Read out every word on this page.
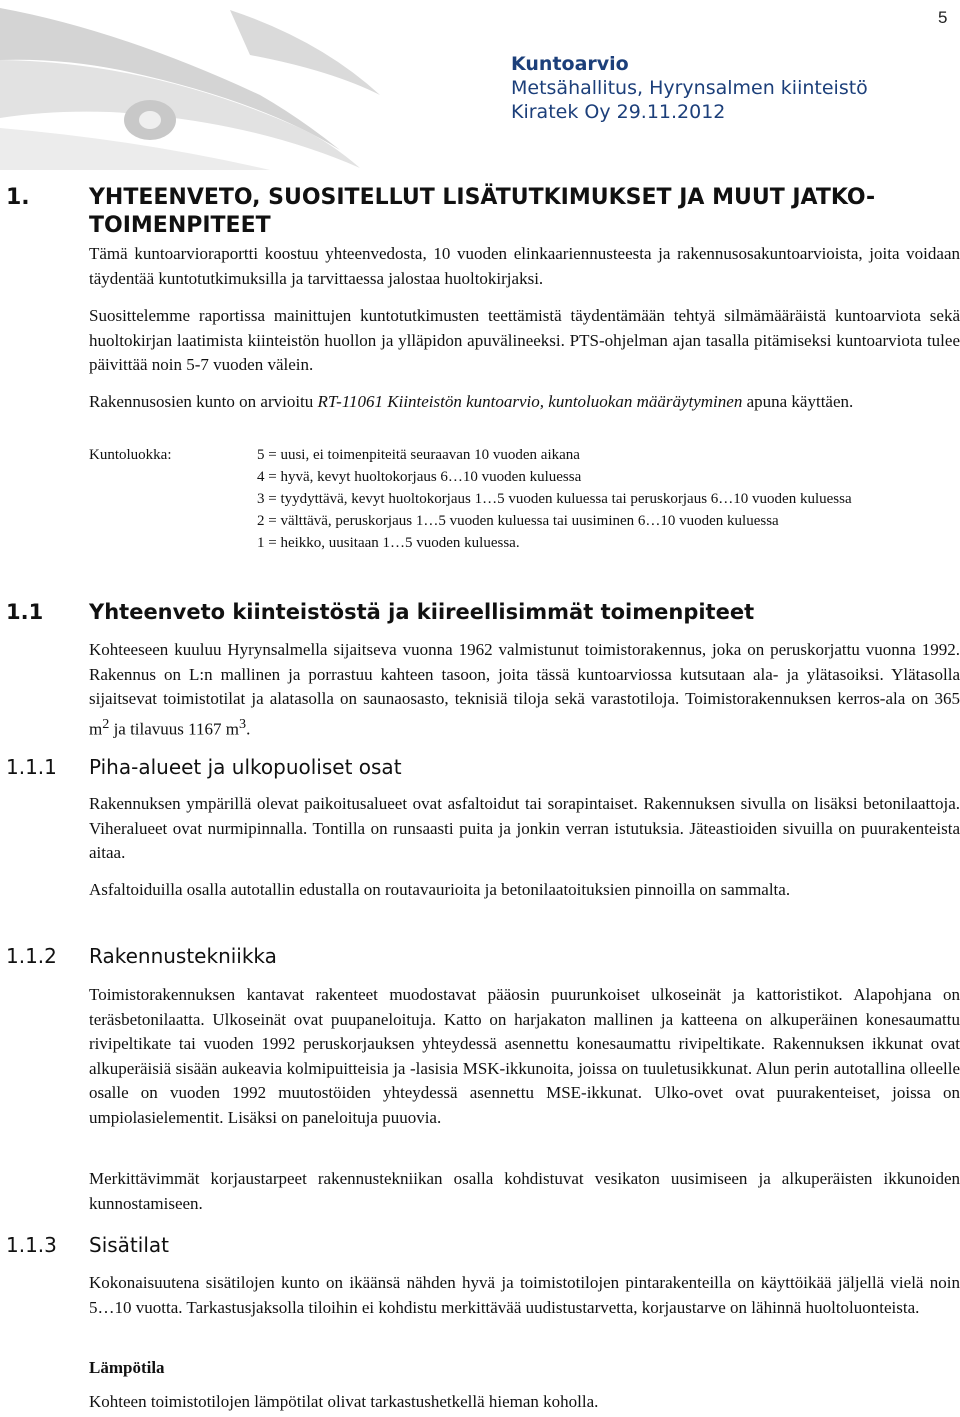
5
Kuntoarvio
Metsähallitus, Hyrynsalmen kiinteistö
Kiratek Oy 29.11.2012
1.	YHTEENVETO, SUOSITELLUT LISÄTUTKIMUKSET JA MUUT JATKO-TOIMENPITEET
Tämä kuntoarvioraportti koostuu yhteenvedosta, 10 vuoden elinkaariennusteesta ja rakennusosakuntoarvioista, joita voidaan täydentää kuntotutkimuksilla ja tarvittaessa jalostaa huoltokirjaksi.
Suosittelemme raportissa mainittujen kuntotutkimusten teettämistä täydentämään tehtyä silmämääräistä kuntoarviota sekä huoltokirjan laatimista kiinteistön huollon ja ylläpidon apuvälineeksi. PTS-ohjelman ajan tasalla pitämiseksi kuntoarviota tulee päivittää noin 5-7 vuoden välein.
Rakennusosien kunto on arvioitu RT-11061 Kiinteistön kuntoarvio, kuntoluokan määräytyminen apuna käyttäen.
Kuntoluokka:	5 = uusi, ei toimenpiteitä seuraavan 10 vuoden aikana

4 = hyvä, kevyt huoltokorjaus 6…10 vuoden kuluessa

3 = tyydyttävä, kevyt huoltokorjaus 1…5 vuoden kuluessa tai peruskorjaus 6…10 vuoden kuluessa

2 = välttävä, peruskorjaus 1…5 vuoden kuluessa tai uusiminen 6…10 vuoden kuluessa

1 = heikko, uusitaan 1…5 vuoden kuluessa.

1.1 Yhteenveto kiinteistöstä ja kiireellisimmät toimenpiteet
Kohteeseen kuuluu Hyrynsalmella sijaitseva vuonna 1962 valmistunut toimistorakennus, joka on peruskorjattu vuonna 1992. Rakennus on L:n mallinen ja porrastuu kahteen tasoon, joita tässä kuntoarviossa kutsutaan ala- ja ylätasoiksi. Ylätasolla sijaitsevat toimistotilat ja alatasolla on saunaosasto, teknisiä tiloja sekä varastotiloja. Toimistorakennuksen kerros-ala on 365 $m^2$ ja tilavuus 1167 $m^3$.
1.1.1 Piha-alueet ja ulkopuoliset osat
Rakennuksen ympärillä olevat paikoitusalueet ovat asfaltoidut tai sorapintaiset. Rakennuksen sivulla on lisäksi betonilaattoja. Viheralueet ovat nurmipinnalla. Tontilla on runsaasti puita ja jonkin verran istutuksia. Jäteastioiden sivuilla on puurakenteista aitaa.
Asfaltoiduilla osalla autotallin edustalla on routavaurioita ja betonilaatoituksien pinnoilla on sammalta.
1.1.2 Rakennustekniikka
Toimistorakennuksen kantavat rakenteet muodostavat pääosin puurunkoiset ulkoseinät ja kattoristikot. Alapohjana on teräsbetonilaatta. Ulkoseinät ovat puupaneloituja. Katto on harjakaton mallinen ja katteena on alkuperäinen konesaumattu rivipeltikate tai vuoden 1992 peruskorjauksen yhteydessä asennettu konesaumattu rivipeltikate. Rakennuksen ikkunat ovat alkuperäisiä sisään aukeavia kolmipuitteisia ja -lasisia MSK-ikkunoita, joissa on tuuletusikkunat. Alun perin autotallina olleelle osalle on vuoden 1992 muutostöiden yhteydessä asennettu MSE-ikkunat. Ulko-ovet ovat puurakenteiset, joissa on umpiolasielementit. Lisäksi on paneloituja puuovia.
Merkittävimmät korjaustarpeet rakennustekniikan osalla kohdistuvat vesikaton uusimiseen ja alkuperäisten ikkunoiden kunnostamiseen.
1.1.3 Sisätilat
Kokonaisuutena sisätilojen kunto on ikäänsä nähden hyvä ja toimistotilojen pintarakenteilla on käyttöikää jäljellä vielä noin 5…10 vuotta. Tarkastusjaksolla tiloihin ei kohdistu merkittävää uudistustarvetta, korjaustarve on lähinnä huoltoluonteista.
Lämpötila
Kohteen toimistotilojen lämpötilat olivat tarkastushetkellä hieman koholla.
